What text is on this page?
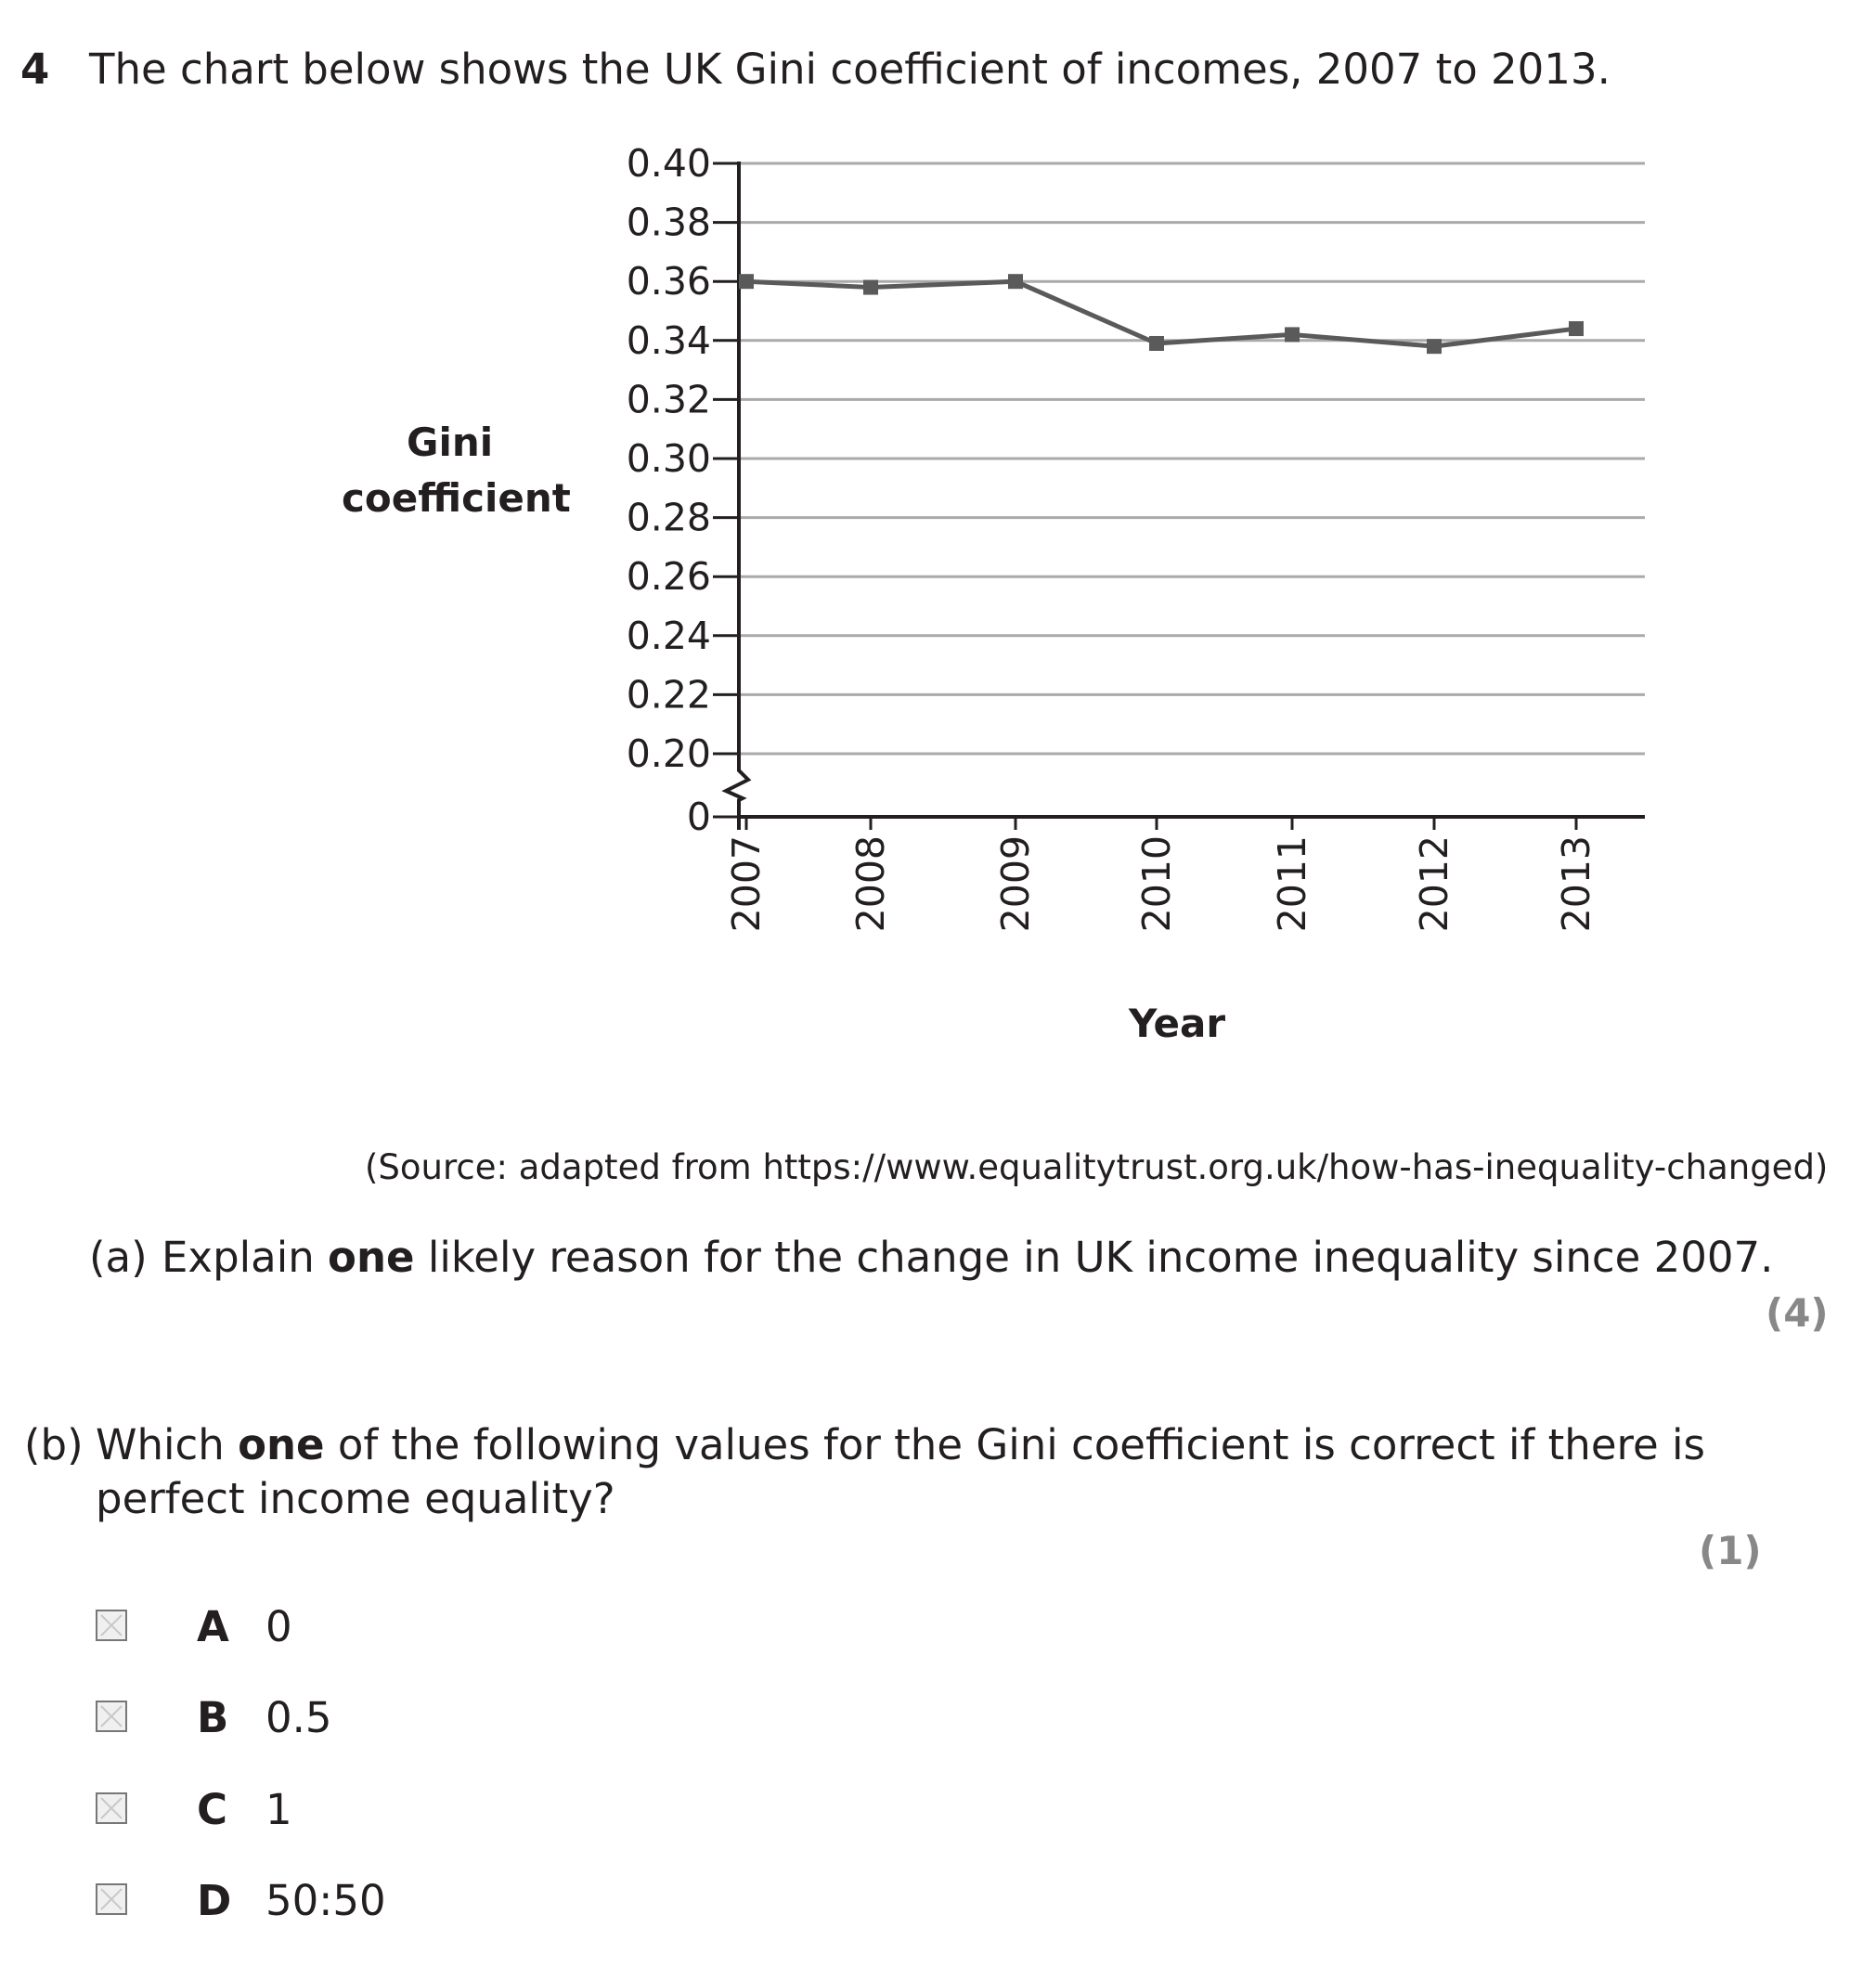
4 The chart below shows the UK Gini coefficient of incomes, 2007 to 2013.
0.40
0.38
0.36
0.34
0.32
0.30
0.28
0.26
0.24
0.22
0.20
0
2007 2008	2009	2010 2011	2012	2013
Gini
coefficient
Year
(Source: adapted from https://www.equalitytrust.org.uk/how-has-inequality-changed)
(a) Explain one likely reason for the change in UK income inequality since 2007.
(4)
(b) Which one of the following values for the Gini coefficient is correct if there is
perfect income equality?
(1)
A 0
B 0.5
C 1
D 50:50
